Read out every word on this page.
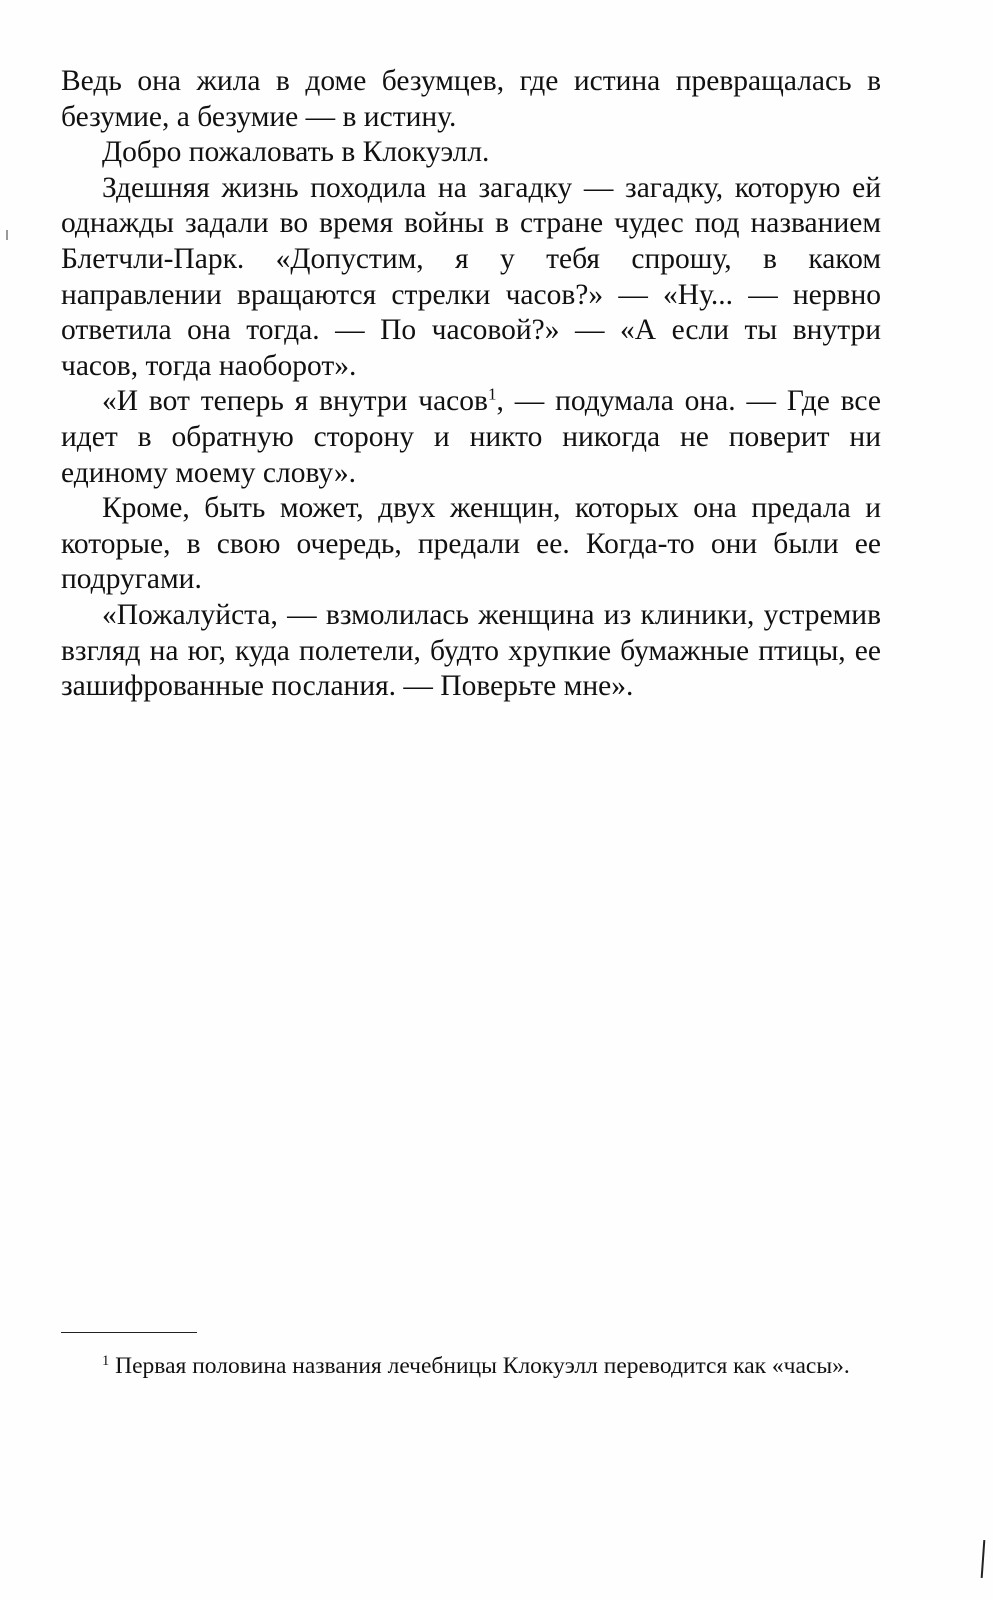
Ведь она жила в доме безумцев, где истина превращалась в безумие, а безумие — в истину.

Добро пожаловать в Клокуэлл.

Здешняя жизнь походила на загадку — загадку, которую ей однажды задали во время войны в стране чудес под названием Блетчли-Парк. «Допустим, я у тебя спрошу, в каком направлении вращаются стрелки часов?» — «Ну... — нервно ответила она тогда. — По часовой?» — «А если ты внутри часов, тогда наоборот».

«И вот теперь я внутри часов$^1$, — подумала она. — Где все идет в обратную сторону и никто никогда не поверит ни единому моему слову».

Кроме, быть может, двух женщин, которых она предала и которые, в свою очередь, предали ее. Когда-то они были ее подругами.

«Пожалуйста, — взмолилась женщина из клиники, устремив взгляд на юг, куда полетели, будто хрупкие бумажные птицы, ее зашифрованные послания. — Поверьте мне».

$^1$ Первая половина названия лечебницы Клокуэлл переводится как «часы».
